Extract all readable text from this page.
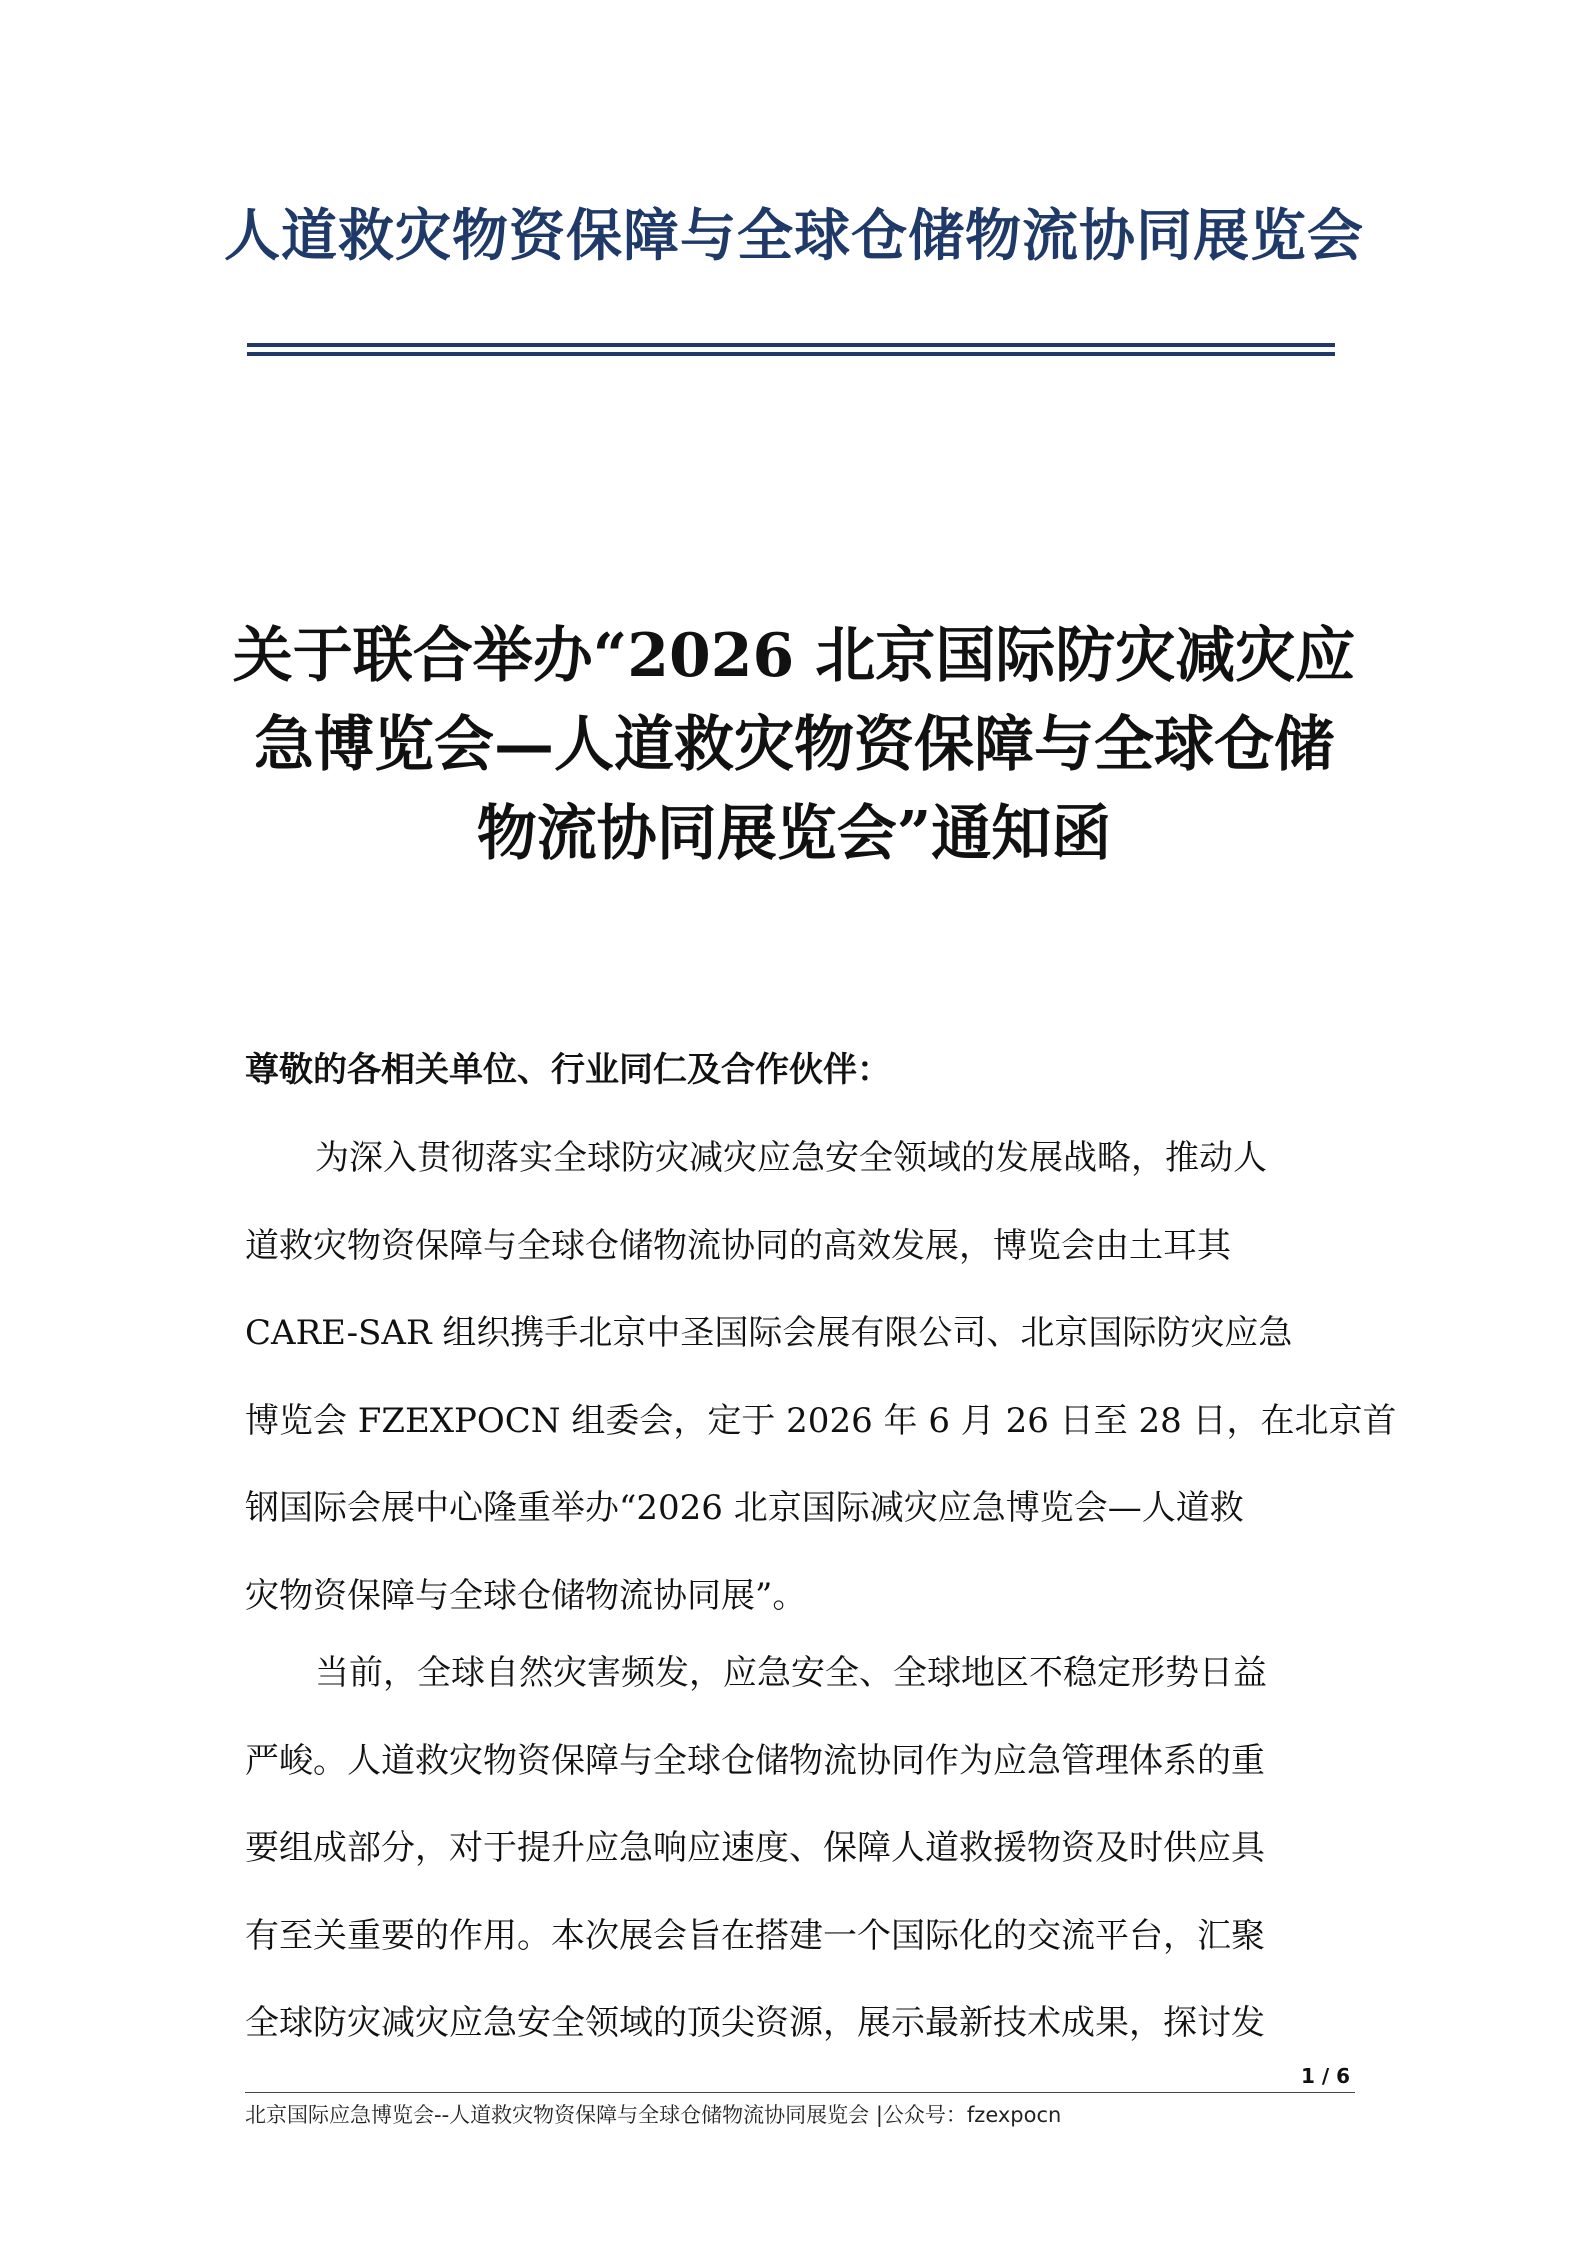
人道救灾物资保障与全球仓储物流协同展览会
关于联合举办“2026 北京国际防灾减灾应
急博览会—人道救灾物资保障与全球仓储
物流协同展览会”通知函
尊敬的各相关单位、行业同仁及合作伙伴：
为深入贯彻落实全球防灾减灾应急安全领域的发展战略，推动人
道救灾物资保障与全球仓储物流协同的高效发展，博览会由土耳其
CARE-SAR 组织携手北京中圣国际会展有限公司、北京国际防灾应急
博览会 FZEXPOCN 组委会，定于 2026 年 6 月 26 日至 28 日，在北京首
钢国际会展中心隆重举办“2026 北京国际减灾应急博览会—人道救
灾物资保障与全球仓储物流协同展”。
当前，全球自然灾害频发，应急安全、全球地区不稳定形势日益
严峻。人道救灾物资保障与全球仓储物流协同作为应急管理体系的重
要组成部分，对于提升应急响应速度、保障人道救援物资及时供应具
有至关重要的作用。本次展会旨在搭建一个国际化的交流平台，汇聚
全球防灾减灾应急安全领域的顶尖资源，展示最新技术成果，探讨发
1 / 6
北京国际应急博览会--人道救灾物资保障与全球仓储物流协同展览会 |公众号：fzexpocn
